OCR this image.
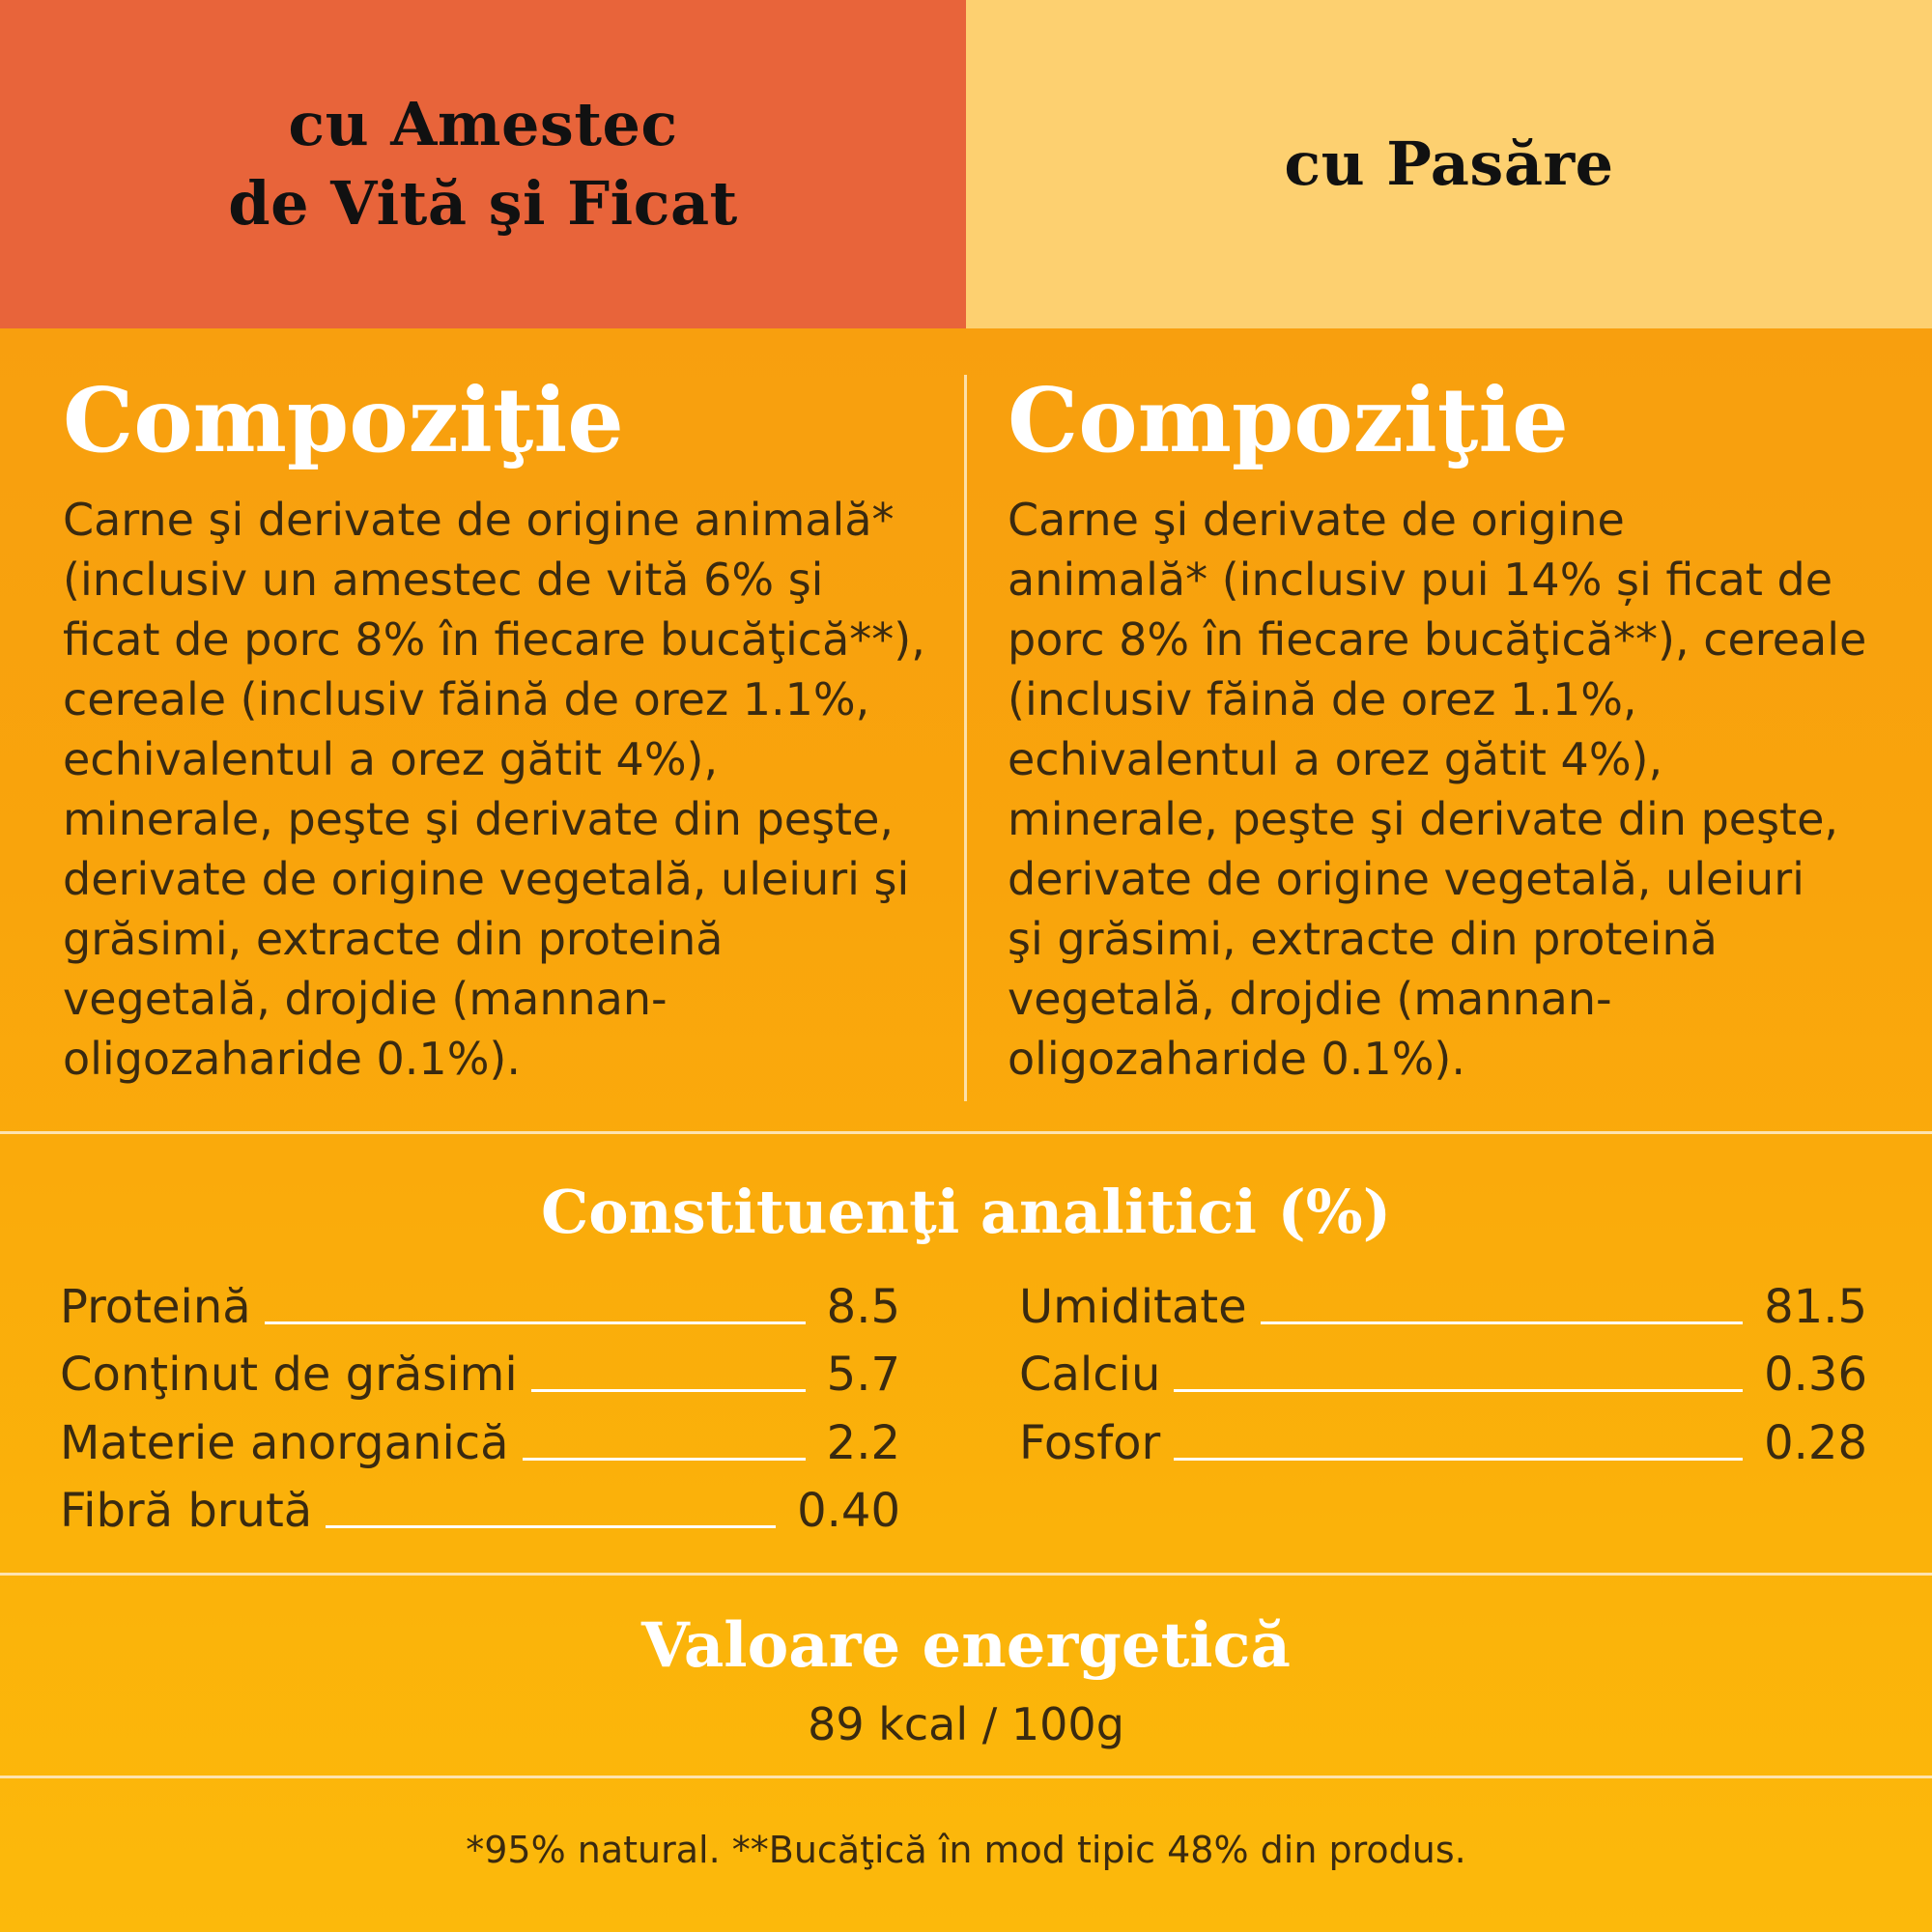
cu Amestec
de Vită şi Ficat
cu Pasăre
Compoziţie
Carne şi derivate de origine animală*
(inclusiv un amestec de vită 6% şi
ficat de porc 8% în fiecare bucăţică**),
cereale (inclusiv făină de orez 1.1%,
echivalentul a orez gătit 4%),
minerale, peşte şi derivate din peşte,
derivate de origine vegetală, uleiuri şi
grăsimi, extracte din proteină
vegetală, drojdie (mannan-
oligozaharide 0.1%).
Compoziţie
Carne şi derivate de origine
animală* (inclusiv pui 14% și ficat de
porc 8% în fiecare bucăţică**), cereale
(inclusiv făină de orez 1.1%,
echivalentul a orez gătit 4%),
minerale, peşte şi derivate din peşte,
derivate de origine vegetală, uleiuri
şi grăsimi, extracte din proteină
vegetală, drojdie (mannan-
oligozaharide 0.1%).
Constituenţi analitici (%)
Proteină	8.5
Conţinut de grăsimi	5.7
Materie anorganică	2.2
Fibră brută	0.40
Umiditate	81.5
Calciu	0.36
Fosfor	0.28
Valoare energetică
89 kcal / 100g
*95% natural. **Bucăţică în mod tipic 48% din produs.
